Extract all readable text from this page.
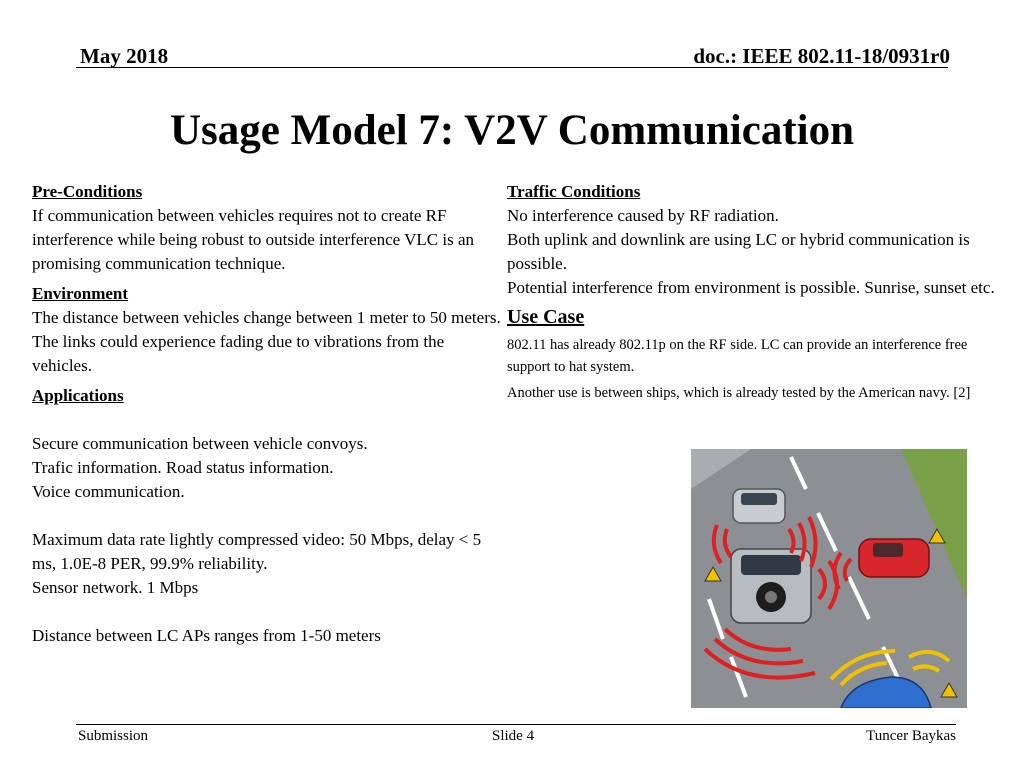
May 2018	doc.: IEEE 802.11-18/0931r0
Usage Model 7: V2V Communication
Pre-Conditions
If communication between vehicles requires not to create RF interference while being robust to outside interference VLC is an promising communication technique.
Environment
The distance between vehicles change between 1 meter to 50 meters. The links could experience fading due to vibrations from the vehicles.
Applications
Secure communication between vehicle convoys.
Trafic information. Road status information.
Voice communication.
Maximum data rate lightly compressed video: 50 Mbps, delay < 5 ms, 1.0E-8 PER, 99.9% reliability.
Sensor network. 1 Mbps
Distance between LC APs ranges from 1-50 meters
Traffic Conditions
No interference caused by RF radiation.
Both uplink and downlink are using LC or hybrid communication is possible.
Potential interference from environment is possible. Sunrise, sunset etc.
Use Case
802.11 has already 802.11p on the RF side. LC can provide an interference free support to hat system.
Another use is between ships, which is already tested by the American navy. [2]
Submission	Slide 4	Tuncer Baykas
